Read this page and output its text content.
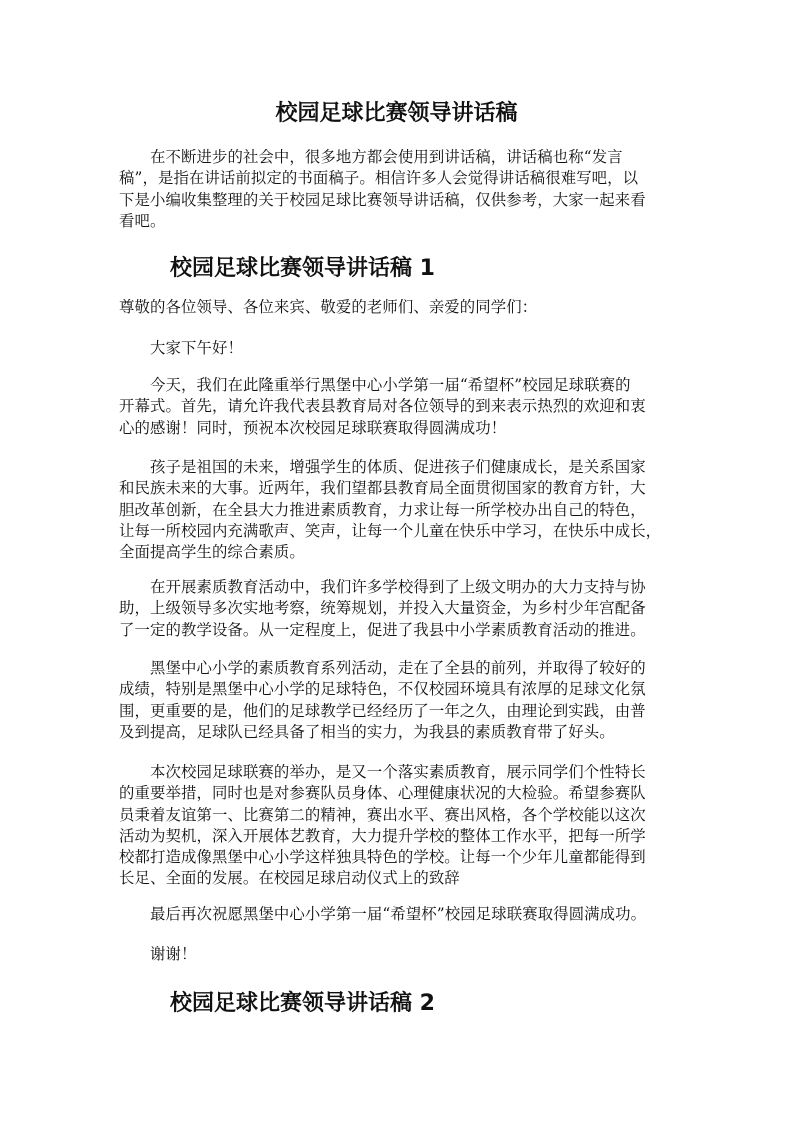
校园足球比赛领导讲话稿
在不断进步的社会中，很多地方都会使用到讲话稿，讲话稿也称“发言
稿”，是指在讲话前拟定的书面稿子。相信许多人会觉得讲话稿很难写吧，以
下是小编收集整理的关于校园足球比赛领导讲话稿，仅供参考，大家一起来看
看吧。
校园足球比赛领导讲话稿 1
尊敬的各位领导、各位来宾、敬爱的老师们、亲爱的同学们：
大家下午好！
今天，我们在此隆重举行黑堡中心小学第一届“希望杯”校园足球联赛的
开幕式。首先，请允许我代表县教育局对各位领导的到来表示热烈的欢迎和衷
心的感谢！同时，预祝本次校园足球联赛取得圆满成功！
孩子是祖国的未来，增强学生的体质、促进孩子们健康成长，是关系国家
和民族未来的大事。近两年，我们望都县教育局全面贯彻国家的教育方针，大
胆改革创新，在全县大力推进素质教育，力求让每一所学校办出自己的特色，
让每一所校园内充满歌声、笑声，让每一个儿童在快乐中学习，在快乐中成长，
全面提高学生的综合素质。
在开展素质教育活动中，我们许多学校得到了上级文明办的大力支持与协
助，上级领导多次实地考察，统筹规划，并投入大量资金，为乡村少年宫配备
了一定的教学设备。从一定程度上，促进了我县中小学素质教育活动的推进。
黑堡中心小学的素质教育系列活动，走在了全县的前列，并取得了较好的
成绩，特别是黑堡中心小学的足球特色，不仅校园环境具有浓厚的足球文化氛
围，更重要的是，他们的足球教学已经经历了一年之久，由理论到实践，由普
及到提高，足球队已经具备了相当的实力，为我县的素质教育带了好头。
本次校园足球联赛的举办，是又一个落实素质教育，展示同学们个性特长
的重要举措，同时也是对参赛队员身体、心理健康状况的大检验。希望参赛队
员秉着友谊第一、比赛第二的精神，赛出水平、赛出风格，各个学校能以这次
活动为契机，深入开展体艺教育，大力提升学校的整体工作水平，把每一所学
校都打造成像黑堡中心小学这样独具特色的学校。让每一个少年儿童都能得到
长足、全面的发展。在校园足球启动仪式上的致辞
最后再次祝愿黑堡中心小学第一届“希望杯”校园足球联赛取得圆满成功。
谢谢！
校园足球比赛领导讲话稿 2
